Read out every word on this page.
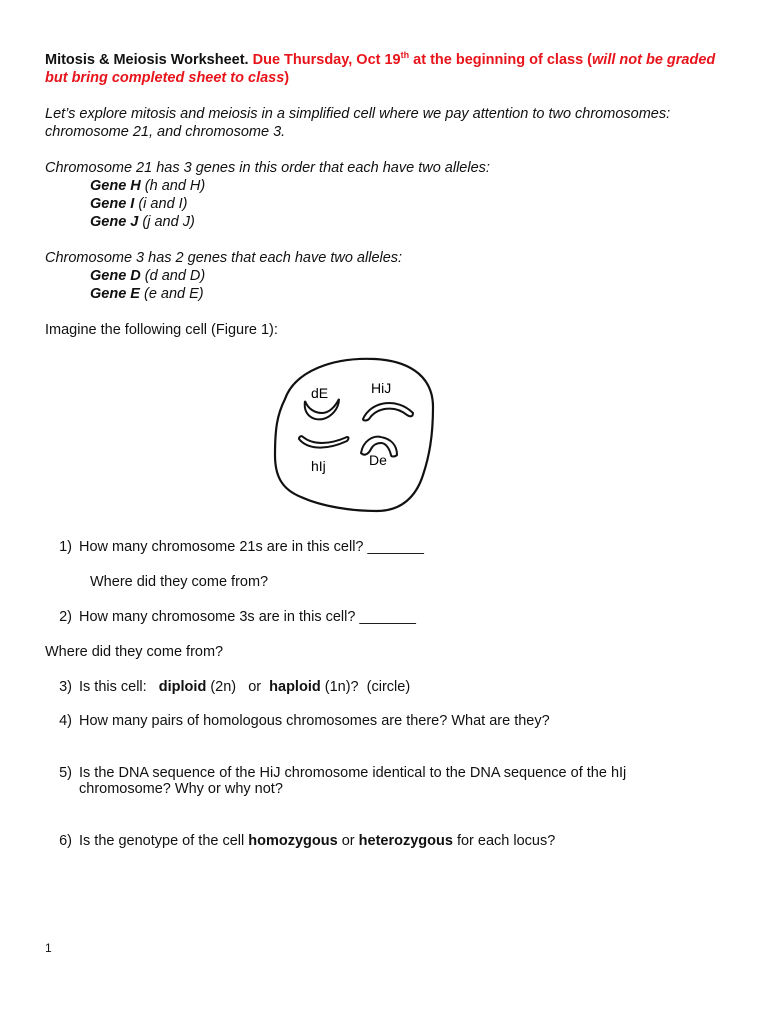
Mitosis & Meiosis Worksheet. Due Thursday, Oct 19th at the beginning of class (will not be graded but bring completed sheet to class)

Let’s explore mitosis and meiosis in a simplified cell where we pay attention to two chromosomes: chromosome 21, and chromosome 3.

Chromosome 21 has 3 genes in this order that each have two alleles:

Gene H (h and H)

Gene I (i and I)

Gene J (j and J)

Chromosome 3 has 2 genes that each have two alleles:

Gene D (d and D)

Gene E (e and E)

Imagine the following cell (Figure 1):

dE	HiJ
hIj	De
1) How many chromosome 21s are in this cell? _______

Where did they come from?

2) How many chromosome 3s are in this cell? _______

Where did they come from?

3) Is this cell:   diploid (2n)   or  haploid (1n)?  (circle)
4) How many pairs of homologous chromosomes are there? What are they?
5) Is the DNA sequence of the HiJ chromosome identical to the DNA sequence of the hIj chromosome? Why or why not?
6) Is the genotype of the cell homozygous or heterozygous for each locus?
1
